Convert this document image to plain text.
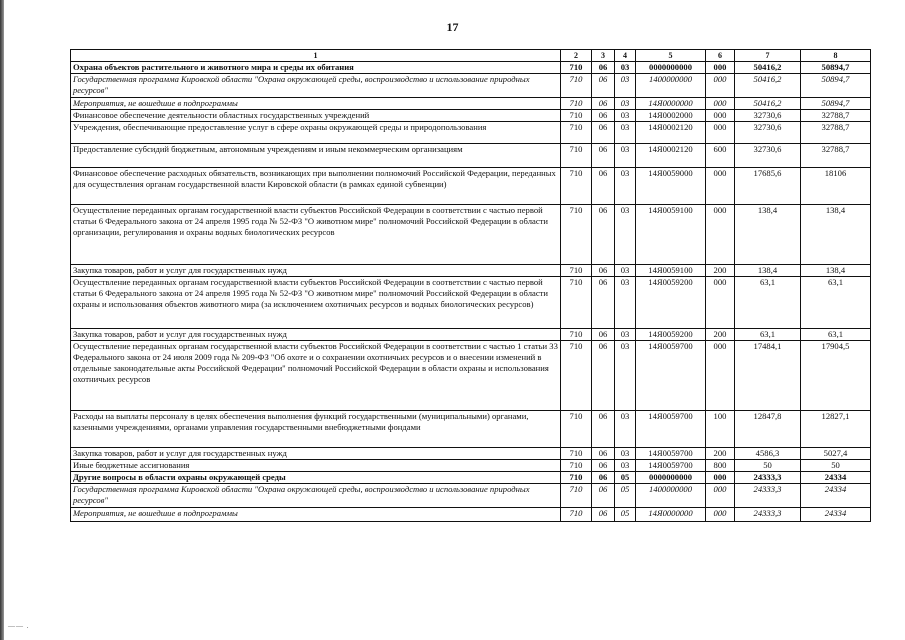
17
1	2	3	4	5	6	7	8
Охрана объектов растительного и животного мира и среды их обитания	710	06	03	0000000000	000	50416,2	50894,7
Государственная программа Кировской области "Охрана окружающей среды, воспроизводство и использование природных ресурсов"	710	06	03	1400000000	000	50416,2	50894,7
Мероприятия, не вошедшие в подпрограммы	710	06	03	14Я0000000	000	50416,2	50894,7
Финансовое обеспечение деятельности областных государственных учреждений	710	06	03	14Я0002000	000	32730,6	32788,7
Учреждения, обеспечивающие предоставление услуг в сфере охраны окружающей среды и природопользования	710	06	03	14Я0002120	000	32730,6	32788,7
Предоставление субсидий бюджетным, автономным учреждениям и иным некоммерческим организациям	710	06	03	14Я0002120	600	32730,6	32788,7
Финансовое обеспечение расходных обязательств, возникающих при выполнении полномочий Российской Федерации, переданных для осуществления органам государственной власти Кировской области (в рамках единой субвенции)	710	06	03	14Я0059000	000	17685,6	18106
Осуществление переданных органам государственной власти субъектов Российской Федерации в соответствии с частью первой статьи 6 Федерального закона от 24 апреля 1995 года № 52-ФЗ "О животном мире" полномочий Российской Федерации в области организации, регулирования и охраны водных биологических ресурсов	710	06	03	14Я0059100	000	138,4	138,4
Закупка товаров, работ и услуг для государственных нужд	710	06	03	14Я0059100	200	138,4	138,4
Осуществление переданных органам государственной власти субъектов Российской Федерации в соответствии с частью первой статьи 6 Федерального закона от 24 апреля 1995 года № 52-ФЗ "О животном мире" полномочий Российской Федерации в области охраны и использования объектов животного мира (за исключением охотничьих ресурсов и водных биологических ресурсов)	710	06	03	14Я0059200	000	63,1	63,1
Закупка товаров, работ и услуг для государственных нужд	710	06	03	14Я0059200	200	63,1	63,1
Осуществление переданных органам государственной власти субъектов Российской Федерации в соответствии с частью 1 статьи 33 Федерального закона от 24 июля 2009 года № 209-ФЗ "Об охоте и о сохранении охотничьих ресурсов и о внесении изменений в отдельные законодательные акты Российской Федерации" полномочий Российской Федерации в области охраны и использования охотничьих ресурсов	710	06	03	14Я0059700	000	17484,1	17904,5
Расходы на выплаты персоналу в целях обеспечения выполнения функций государственными (муниципальными) органами, казенными учреждениями, органами управления государственными внебюджетными фондами	710	06	03	14Я0059700	100	12847,8	12827,1
Закупка товаров, работ и услуг для государственных нужд	710	06	03	14Я0059700	200	4586,3	5027,4
Иные бюджетные ассигнования	710	06	03	14Я0059700	800	50	50
Другие вопросы в области охраны окружающей среды	710	06	05	0000000000	000	24333,3	24334
Государственная программа Кировской области "Охрана окружающей среды, воспроизводство и использование природных ресурсов"	710	06	05	1400000000	000	24333,3	24334
Мероприятия, не вошедшие в подпрограммы	710	06	05	14Я0000000	000	24333,3	24334
—— .
